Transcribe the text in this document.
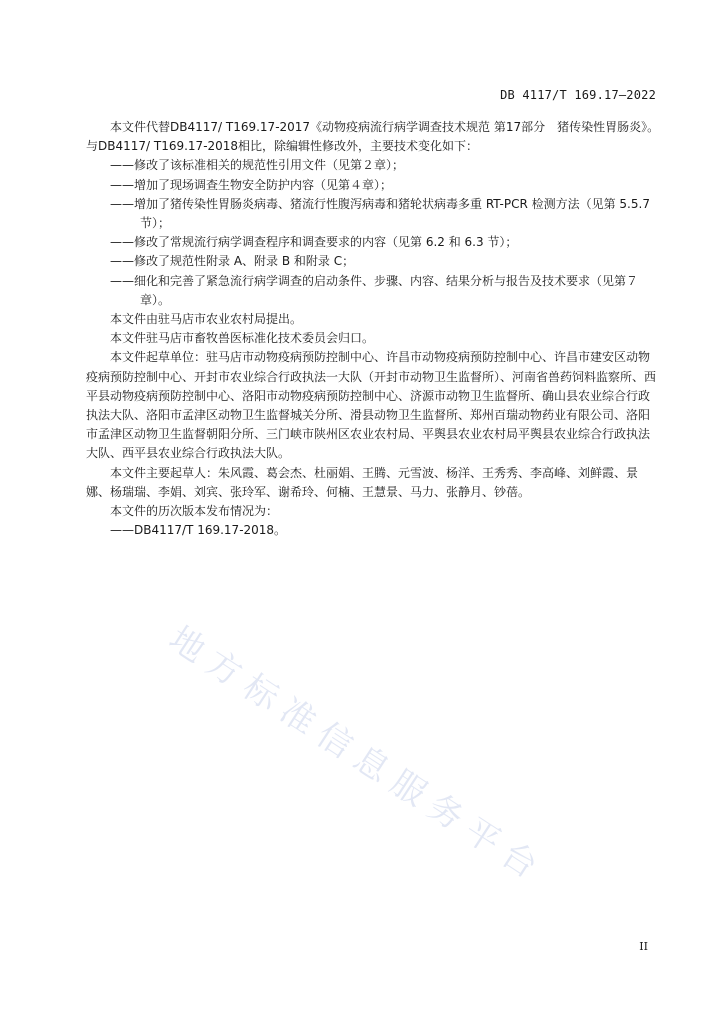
DB 4117/T 169.17—2022

本文件代替DB4117/ T169.17-2017《动物疫病流行病学调查技术规范 第17部分　猪传染性胃肠炎》。与DB4117/ T169.17-2018相比，除编辑性修改外，主要技术变化如下：

——修改了该标准相关的规范性引用文件（见第２章）；

——增加了现场调查生物安全防护内容（见第４章）；

——增加了猪传染性胃肠炎病毒、猪流行性腹泻病毒和猪轮状病毒多重 RT-PCR 检测方法（见第 5.5.7 节）；

——修改了常规流行病学调查程序和调查要求的内容（见第 6.2 和 6.3 节）；

——修改了规范性附录 A、附录 B 和附录 C；

——细化和完善了紧急流行病学调查的启动条件、步骤、内容、结果分析与报告及技术要求（见第７章）。

本文件由驻马店市农业农村局提出。

本文件驻马店市畜牧兽医标准化技术委员会归口。

本文件起草单位：驻马店市动物疫病预防控制中心、许昌市动物疫病预防控制中心、许昌市建安区动物疫病预防控制中心、开封市农业综合行政执法一大队（开封市动物卫生监督所）、河南省兽药饲料监察所、西平县动物疫病预防控制中心、洛阳市动物疫病预防控制中心、济源市动物卫生监督所、确山县农业综合行政执法大队、洛阳市孟津区动物卫生监督城关分所、滑县动物卫生监督所、郑州百瑞动物药业有限公司、洛阳市孟津区动物卫生监督朝阳分所、三门峡市陕州区农业农村局、平舆县农业农村局平舆县农业综合行政执法大队、西平县农业综合行政执法大队。

本文件主要起草人：朱风霞、葛会杰、杜丽娟、王腾、元雪波、杨洋、王秀秀、李高峰、刘鲜霞、景娜、杨瑞瑞、李娟、刘宾、张玲军、谢希玲、何楠、王慧景、马力、张静月、钞蓓。

本文件的历次版本发布情况为：

——DB4117/T 169.17-2018。

地方标准信息服务平台
II
